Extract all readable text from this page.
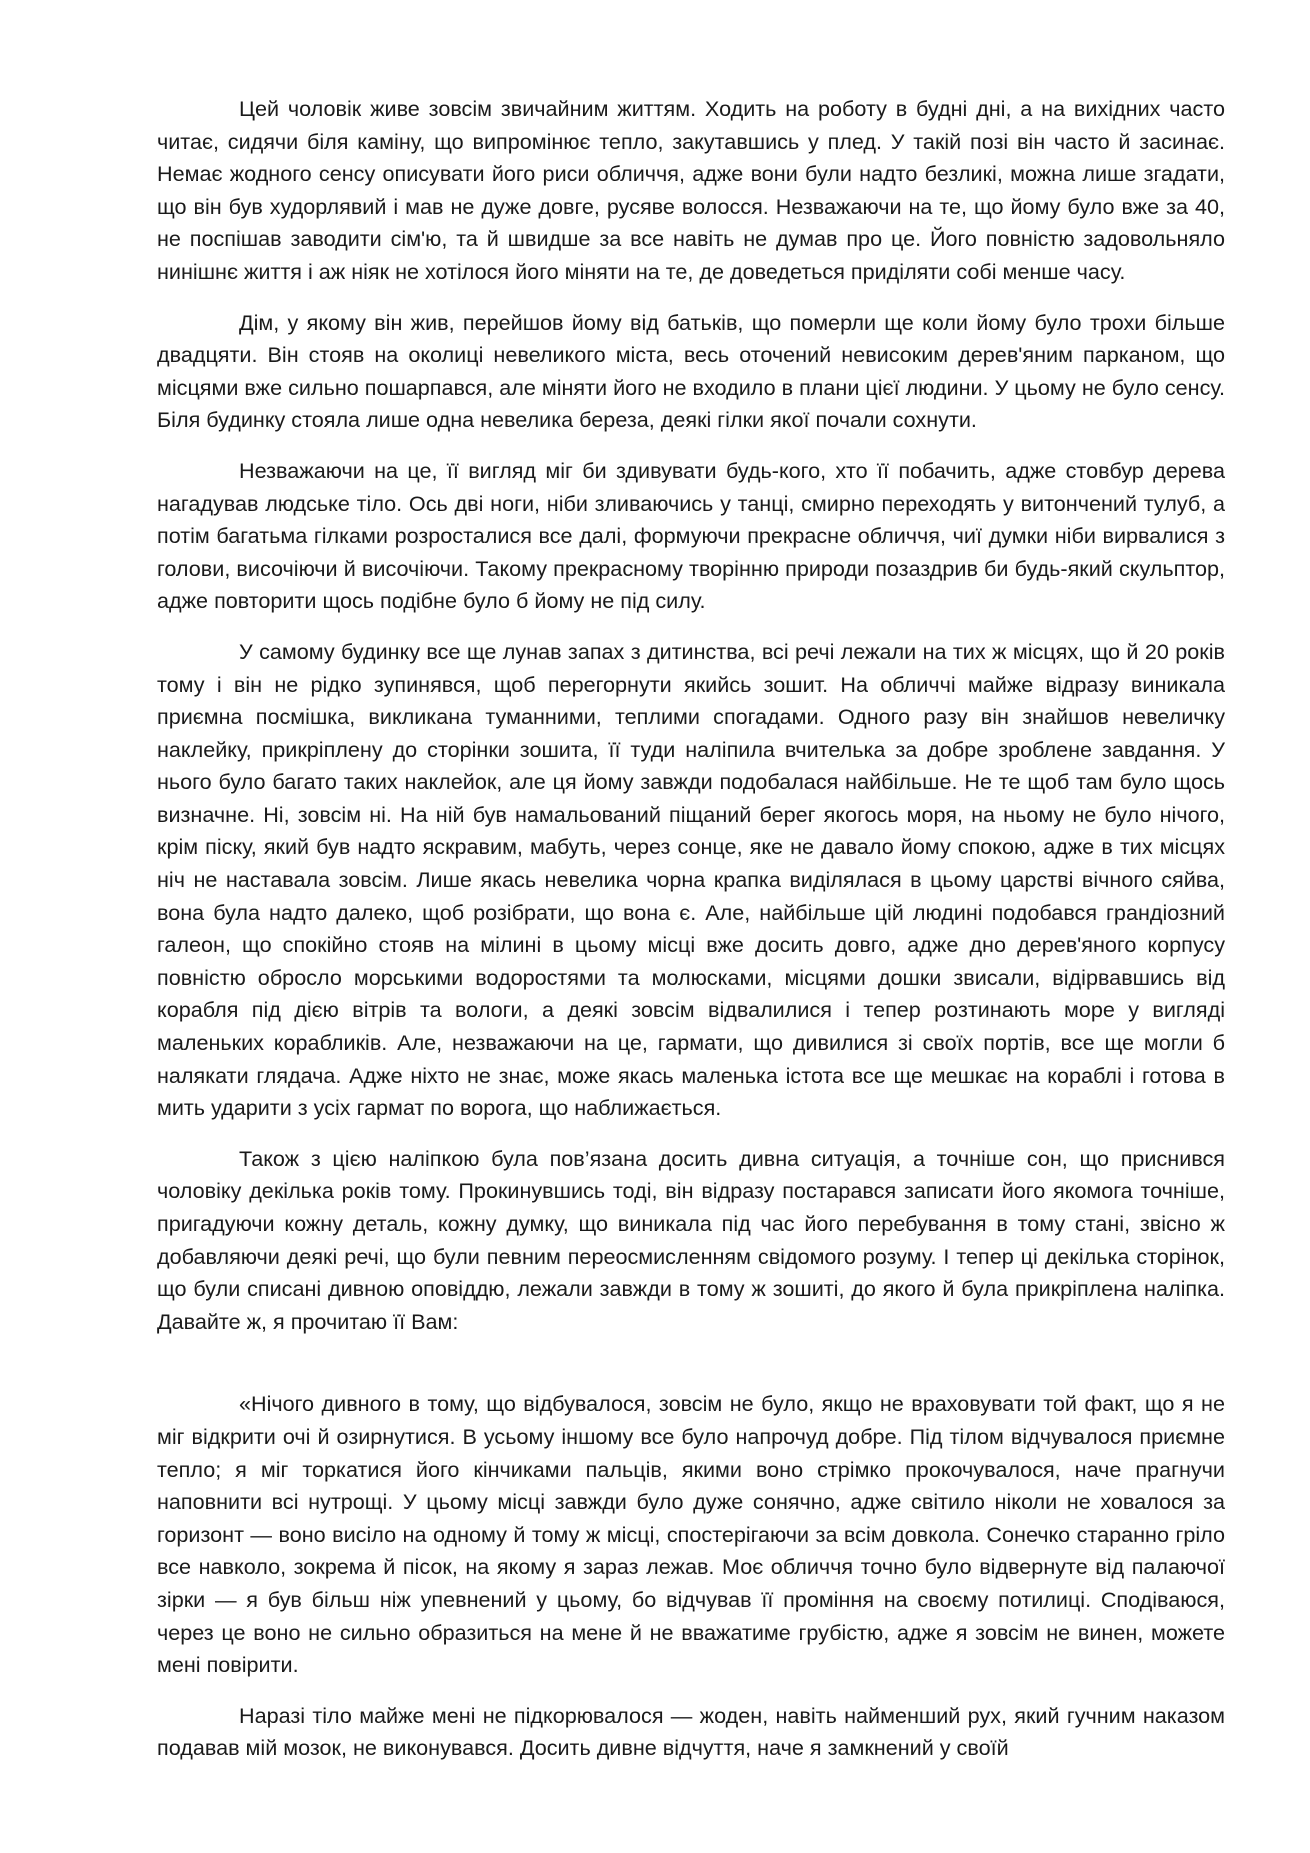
Цей чоловік живе зовсім звичайним життям. Ходить на роботу в будні дні, а на вихідних часто читає, сидячи біля каміну, що випромінює тепло, закутавшись у плед. У такій позі він часто й засинає. Немає жодного сенсу описувати його риси обличчя, адже вони були надто безликі, можна лише згадати, що він був худорлявий і мав не дуже довге, русяве волосся. Незважаючи на те, що йому було вже за 40, не поспішав заводити сім'ю, та й швидше за все навіть не думав про це. Його повністю задовольняло нинішнє життя і аж ніяк не хотілося його міняти на те, де доведеться приділяти собі менше часу.

Дім, у якому він жив, перейшов йому від батьків, що померли ще коли йому було трохи більше двадцяти. Він стояв на околиці невеликого міста, весь оточений невисоким дерев'яним парканом, що місцями вже сильно пошарпався, але міняти його не входило в плани цієї людини. У цьому не було сенсу. Біля будинку стояла лише одна невелика береза, деякі гілки якої почали сохнути.

Незважаючи на це, її вигляд міг би здивувати будь-кого, хто її побачить, адже стовбур дерева нагадував людське тіло. Ось дві ноги, ніби зливаючись у танці, смирно переходять у витончений тулуб, а потім багатьма гілками розросталися все далі, формуючи прекрасне обличчя, чиї думки ніби вирвалися з голови, височіючи й височіючи. Такому прекрасному творінню природи позаздрив би будь-який скульптор, адже повторити щось подібне було б йому не під силу.

У самому будинку все ще лунав запах з дитинства, всі речі лежали на тих ж місцях, що й 20 років тому і він не рідко зупинявся, щоб перегорнути якийсь зошит. На обличчі майже відразу виникала приємна посмішка, викликана туманними, теплими спогадами. Одного разу він знайшов невеличку наклейку, прикріплену до сторінки зошита, її туди наліпила вчителька за добре зроблене завдання. У нього було багато таких наклейок, але ця йому завжди подобалася найбільше. Не те щоб там було щось визначне. Ні, зовсім ні. На ній був намальований піщаний берег якогось моря, на ньому не було нічого, крім піску, який був надто яскравим, мабуть, через сонце, яке не давало йому спокою, адже в тих місцях ніч не наставала зовсім. Лише якась невелика чорна крапка виділялася в цьому царстві вічного сяйва, вона була надто далеко, щоб розібрати, що вона є. Але, найбільше цій людині подобався грандіозний галеон, що спокійно стояв на мілині в цьому місці вже досить довго, адже дно дерев'яного корпусу повністю обросло морськими водоростями та молюсками, місцями дошки звисали, відірвавшись від корабля під дією вітрів та вологи, а деякі зовсім відвалилися і тепер розтинають море у вигляді маленьких корабликів. Але, незважаючи на це, гармати, що дивилися зі своїх портів, все ще могли б налякати глядача. Адже ніхто не знає, може якась маленька істота все ще мешкає на кораблі і готова в мить ударити з усіх гармат по ворога, що наближається.

Також з цією наліпкою була пов’язана досить дивна ситуація, а точніше сон, що приснився чоловіку декілька років тому. Прокинувшись тоді, він відразу постарався записати його якомога точніше, пригадуючи кожну деталь, кожну думку, що виникала під час його перебування в тому стані, звісно ж добавляючи деякі речі, що були певним переосмисленням свідомого розуму. І тепер ці декілька сторінок, що були списані дивною оповіддю, лежали завжди в тому ж зошиті, до якого й була прикріплена наліпка. Давайте ж, я прочитаю її Вам:

«Нічого дивного в тому, що відбувалося, зовсім не було, якщо не враховувати той факт, що я не міг відкрити очі й озирнутися. В усьому іншому все було напрочуд добре. Під тілом відчувалося приємне тепло; я міг торкатися його кінчиками пальців, якими воно стрімко прокочувалося, наче прагнучи наповнити всі нутрощі. У цьому місці завжди було дуже сонячно, адже світило ніколи не ховалося за горизонт — воно висіло на одному й тому ж місці, спостерігаючи за всім довкола. Сонечко старанно гріло все навколо, зокрема й пісок, на якому я зараз лежав. Моє обличчя точно було відвернуте від палаючої зірки — я був більш ніж упевнений у цьому, бо відчував її проміння на своєму потилиці. Сподіваюся, через це воно не сильно образиться на мене й не вважатиме грубістю, адже я зовсім не винен, можете мені повірити.

Наразі тіло майже мені не підкорювалося — жоден, навіть найменший рух, який гучним наказом подавав мій мозок, не виконувався. Досить дивне відчуття, наче я замкнений у своїй
